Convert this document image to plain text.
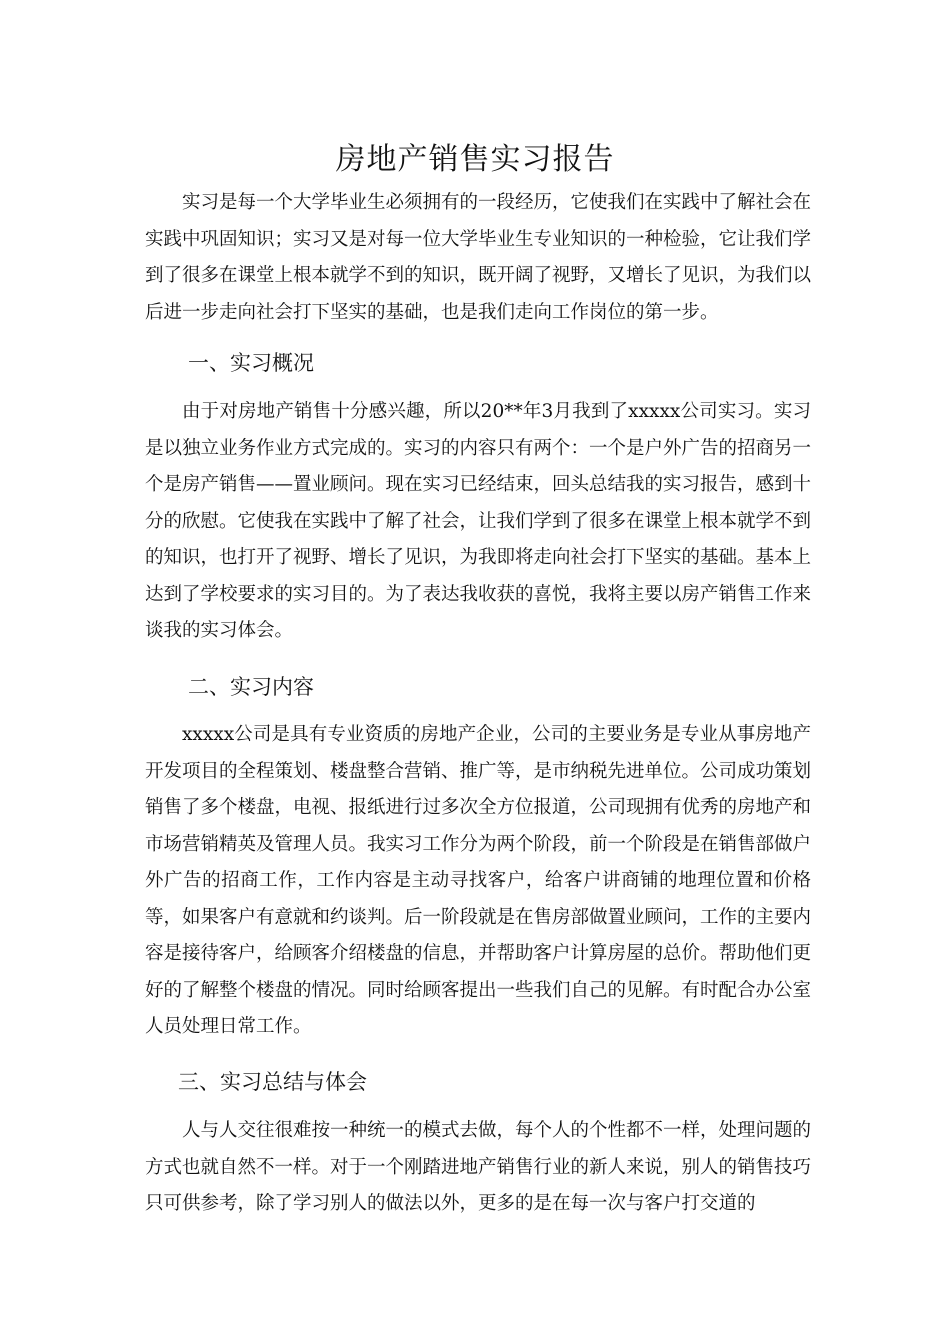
房地产销售实习报告

实习是每一个大学毕业生必须拥有的一段经历，它使我们在实践中了解社会在实践中巩固知识；实习又是对每一位大学毕业生专业知识的一种检验，它让我们学到了很多在课堂上根本就学不到的知识，既开阔了视野，又增长了见识，为我们以后进一步走向社会打下坚实的基础，也是我们走向工作岗位的第一步。

一、实习概况

由于对房地产销售十分感兴趣，所以20**年3月我到了xxxxx公司实习。实习是以独立业务作业方式完成的。实习的内容只有两个：一个是户外广告的招商另一个是房产销售——置业顾问。现在实习已经结束，回头总结我的实习报告，感到十分的欣慰。它使我在实践中了解了社会，让我们学到了很多在课堂上根本就学不到的知识，也打开了视野、增长了见识，为我即将走向社会打下坚实的基础。基本上达到了学校要求的实习目的。为了表达我收获的喜悦，我将主要以房产销售工作来谈我的实习体会。

二、实习内容

xxxxx公司是具有专业资质的房地产企业，公司的主要业务是专业从事房地产开发项目的全程策划、楼盘整合营销、推广等，是市纳税先进单位。公司成功策划销售了多个楼盘，电视、报纸进行过多次全方位报道，公司现拥有优秀的房地产和市场营销精英及管理人员。我实习工作分为两个阶段，前一个阶段是在销售部做户外广告的招商工作，工作内容是主动寻找客户，给客户讲商铺的地理位置和价格等，如果客户有意就和约谈判。后一阶段就是在售房部做置业顾问，工作的主要内容是接待客户，给顾客介绍楼盘的信息，并帮助客户计算房屋的总价。帮助他们更好的了解整个楼盘的情况。同时给顾客提出一些我们自己的见解。有时配合办公室人员处理日常工作。

三、实习总结与体会

人与人交往很难按一种统一的模式去做，每个人的个性都不一样，处理问题的方式也就自然不一样。对于一个刚踏进地产销售行业的新人来说，别人的销售技巧只可供参考，除了学习别人的做法以外，更多的是在每一次与客户打交道的
